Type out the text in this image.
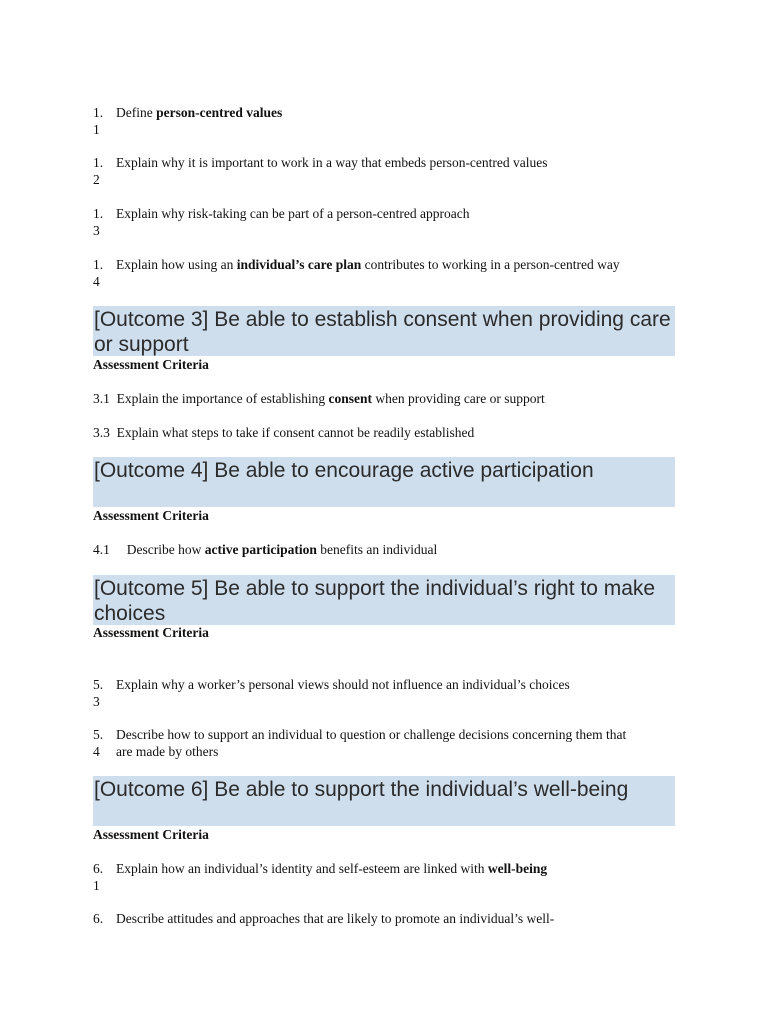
1.
1
Define person-centred values
1.
2
Explain why it is important to work in a way that embeds person-centred values
1.
3
Explain why risk-taking can be part of a person-centred approach
1.
4
Explain how using an individual’s care plan contributes to working in a person-centred way
[Outcome 3] Be able to establish consent when providing care or support
Assessment Criteria
3.1 Explain the importance of establishing consent when providing care or support
3.3 Explain what steps to take if consent cannot be readily established
[Outcome 4] Be able to encourage active participation
Assessment Criteria
4.1 Describe how active participation benefits an individual
[Outcome 5] Be able to support the individual’s right to make choices
Assessment Criteria
5.
3
Explain why a worker’s personal views should not influence an individual’s choices
5.
4
Describe how to support an individual to question or challenge decisions concerning them that are made by others
[Outcome 6] Be able to support the individual’s well-being
Assessment Criteria
6.
1
Explain how an individual’s identity and self-esteem are linked with well-being
6. Describe attitudes and approaches that are likely to promote an individual’s well-
